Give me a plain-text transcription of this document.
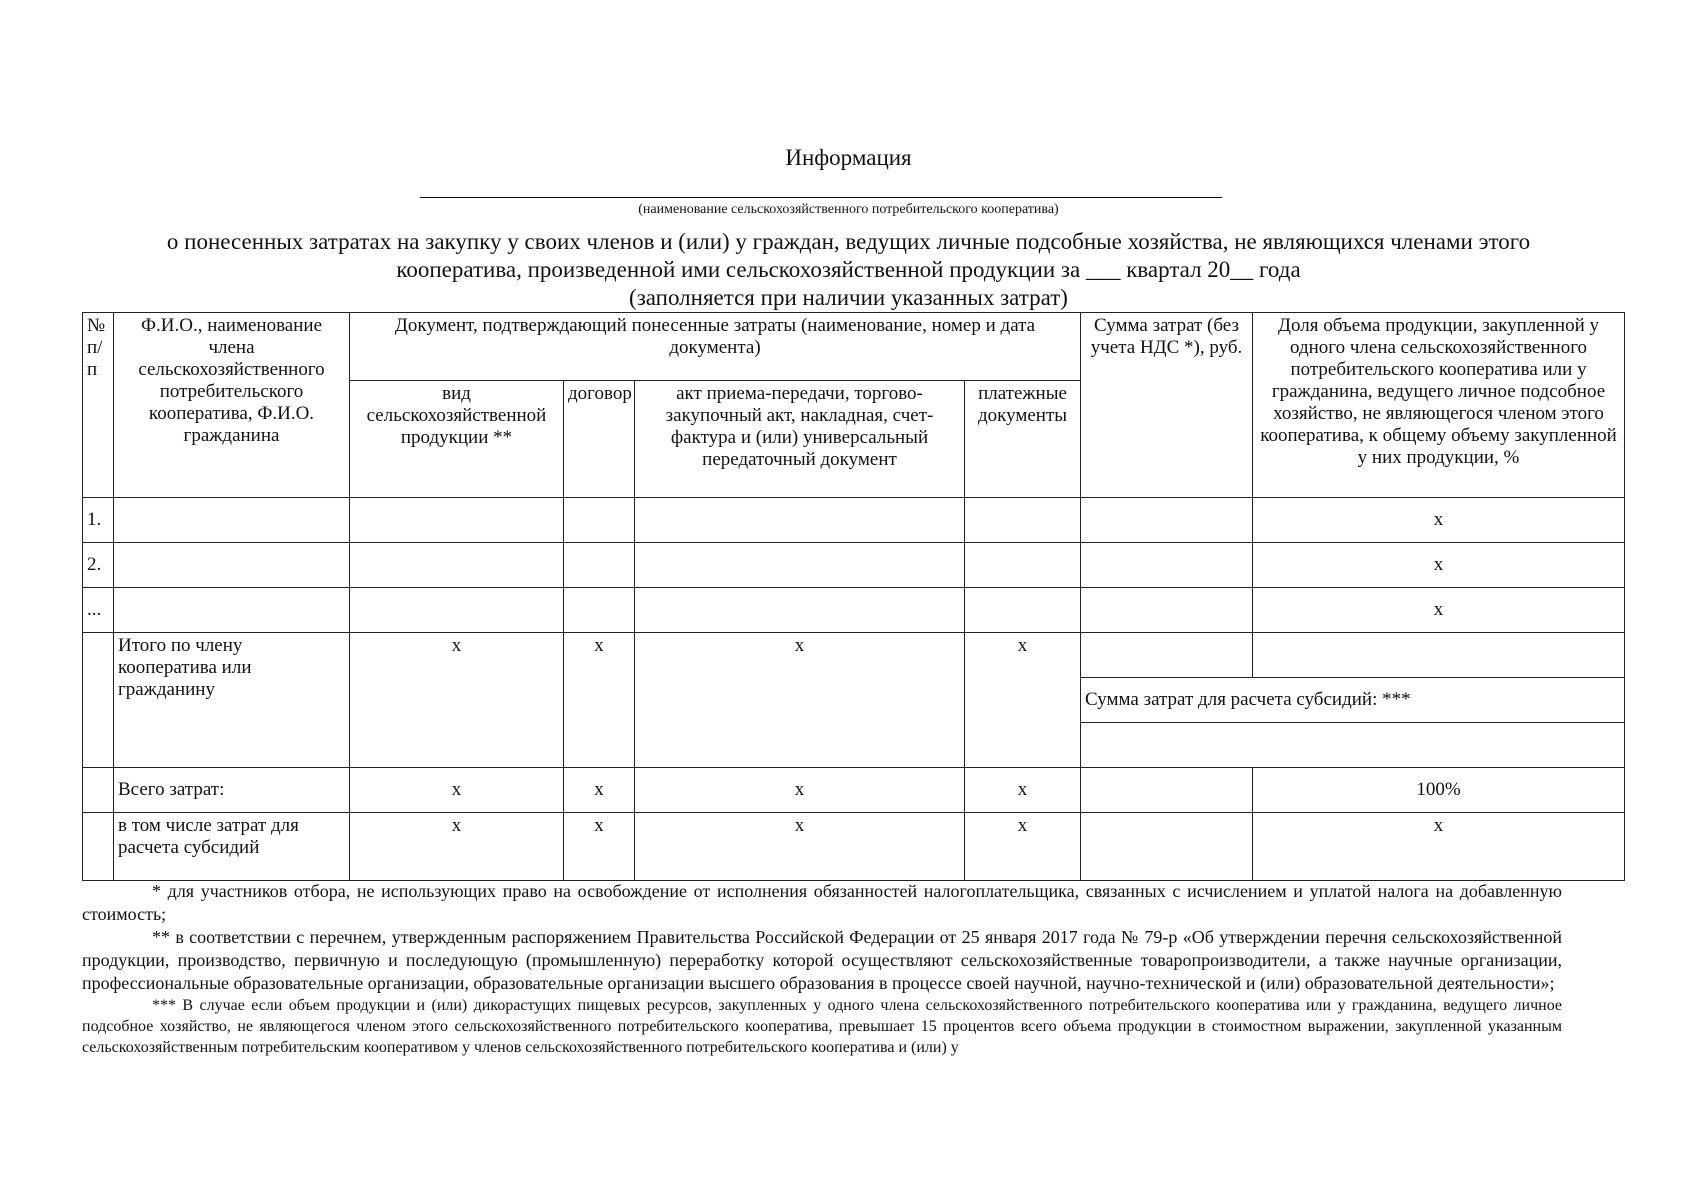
Информация
(наименование сельскохозяйственного потребительского кооператива)
о понесенных затратах на закупку у своих членов и (или) у граждан, ведущих личные подсобные хозяйства, не являющихся членами этого
кооператива, произведенной ими сельскохозяйственной продукции за ___ квартал 20__ года
(заполняется при наличии указанных затрат)
№ п/п	Ф.И.О., наименование члена сельскохозяйственного потребительского кооператива, Ф.И.О. гражданина	Документ, подтверждающий понесенные затраты (наименование, номер и дата документа)				Сумма затрат (без учета НДС *), руб.	Доля объема продукции, закупленной у одного члена сельскохозяйственного потребительского кооператива или у гражданина, ведущего личное подсобное хозяйство, не являющегося членом этого кооператива, к общему объему закупленной у них продукции, %
		вид сельскохозяйственной продукции **	договор	акт приема-передачи, торгово-закупочный акт, накладная, счет-фактура и (или) универсальный передаточный документ	платежные документы		
1.							x
2.							x
...							x
	Итого по члену кооператива или гражданину	x	x	x	x		
						Сумма затрат для расчета субсидий: ***	

	Всего затрат:	x	x	x	x		100%
	в том числе затрат для расчета субсидий	x	x	x	x		x

* для участников отбора, не использующих право на освобождение от исполнения обязанностей налогоплательщика, связанных с исчислением и уплатой налога на добавленную стоимость;

** в соответствии с перечнем, утвержденным распоряжением Правительства Российской Федерации от 25 января 2017 года № 79-р «Об утверждении перечня сельскохозяйственной продукции, производство, первичную и последующую (промышленную) переработку которой осуществляют сельскохозяйственные товаропроизводители, а также научные организации, профессиональные образовательные организации, образовательные организации высшего образования в процессе своей научной, научно-технической и (или) образовательной деятельности»;

*** В случае если объем продукции и (или) дикорастущих пищевых ресурсов, закупленных у одного члена сельскохозяйственного потребительского кооператива или у гражданина, ведущего личное подсобное хозяйство, не являющегося членом этого сельскохозяйственного потребительского кооператива, превышает 15 процентов всего объема продукции в стоимостном выражении, закупленной указанным сельскохозяйственным потребительским кооперативом у членов сельскохозяйственного потребительского кооператива и (или) у
